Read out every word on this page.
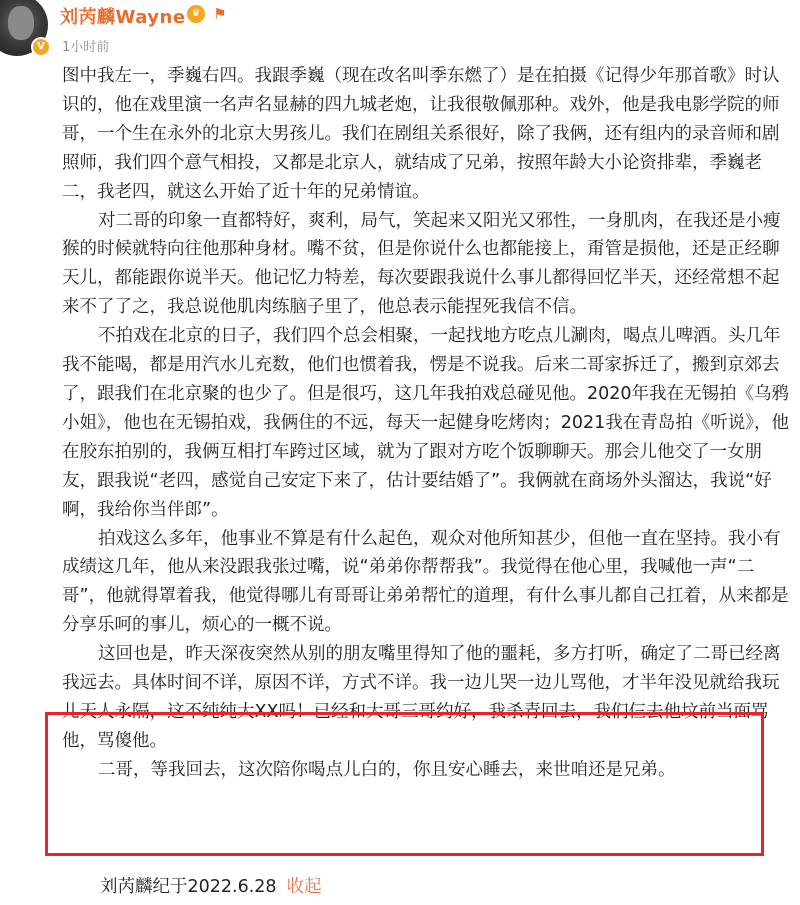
V
刘芮麟Wayne ♛ ⚑
1小时前

图中我左一，季巍右四。我跟季巍（现在改名叫季东燃了）是在拍摄《记得少年那首歌》时认识的，他在戏里演一名声名显赫的四九城老炮，让我很敬佩那种。戏外，他是我电影学院的师哥，一个生在永外的北京大男孩儿。我们在剧组关系很好，除了我俩，还有组内的录音师和剧照师，我们四个意气相投，又都是北京人，就结成了兄弟，按照年龄大小论资排辈，季巍老二，我老四，就这么开始了近十年的兄弟情谊。

对二哥的印象一直都特好，爽利，局气，笑起来又阳光又邪性，一身肌肉，在我还是小瘦猴的时候就特向往他那种身材。嘴不贫，但是你说什么也都能接上，甭管是损他，还是正经聊天儿，都能跟你说半天。他记忆力特差，每次要跟我说什么事儿都得回忆半天，还经常想不起来不了了之，我总说他肌肉练脑子里了，他总表示能捏死我信不信。

不拍戏在北京的日子，我们四个总会相聚，一起找地方吃点儿涮肉，喝点儿啤酒。头几年我不能喝，都是用汽水儿充数，他们也惯着我，愣是不说我。后来二哥家拆迁了，搬到京郊去了，跟我们在北京聚的也少了。但是很巧，这几年我拍戏总碰见他。2020年我在无锡拍《乌鸦小姐》，他也在无锡拍戏，我俩住的不远，每天一起健身吃烤肉；2021我在青岛拍《听说》，他在胶东拍别的，我俩互相打车跨过区域，就为了跟对方吃个饭聊聊天。那会儿他交了一女朋友，跟我说“老四，感觉自己安定下来了，估计要结婚了”。我俩就在商场外头溜达，我说“好啊，我给你当伴郎”。

拍戏这么多年，他事业不算是有什么起色，观众对他所知甚少，但他一直在坚持。我小有成绩这几年，他从来没跟我张过嘴，说“弟弟你帮帮我”。我觉得在他心里，我喊他一声“二哥”，他就得罩着我，他觉得哪儿有哥哥让弟弟帮忙的道理，有什么事儿都自己扛着，从来都是分享乐呵的事儿，烦心的一概不说。

这回也是，昨天深夜突然从别的朋友嘴里得知了他的噩耗，多方打听，确定了二哥已经离我远去。具体时间不详，原因不详，方式不详。我一边儿哭一边儿骂他，才半年没见就给我玩儿天人永隔，这不纯纯大XX吗！已经和大哥三哥约好，我杀青回去，我们仨去他坟前当面骂他，骂傻他。

二哥，等我回去，这次陪你喝点儿白的，你且安心睡去，来世咱还是兄弟。

刘芮麟纪于2022.6.28 收起
